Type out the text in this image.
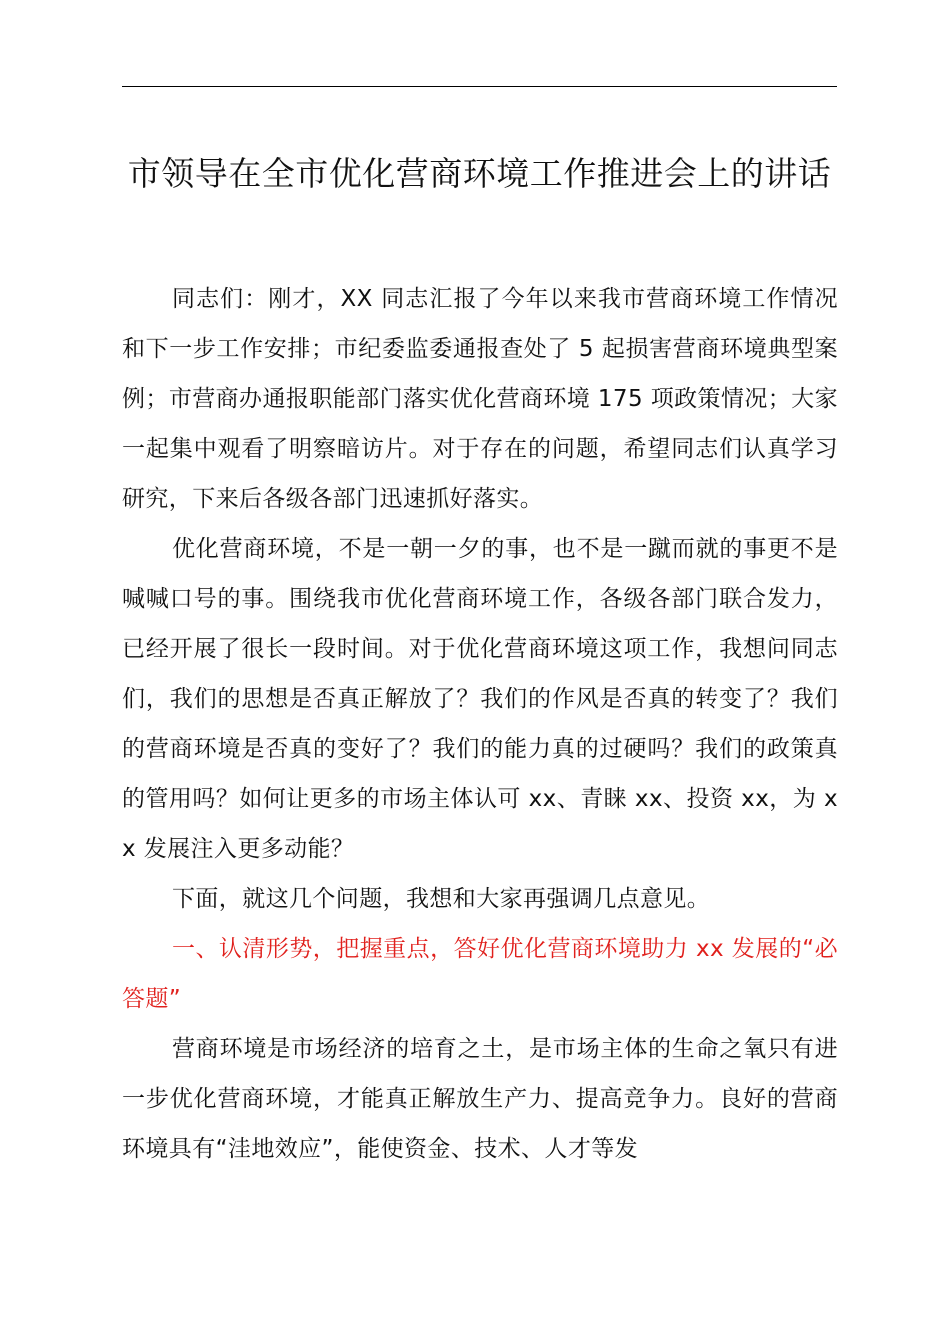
市领导在全市优化营商环境工作推进会上的讲话

同志们：刚才，XX 同志汇报了今年以来我市营商环境工作情况和下一步工作安排；市纪委监委通报查处了 5 起损害营商环境典型案例；市营商办通报职能部门落实优化营商环境 175 项政策情况；大家一起集中观看了明察暗访片。对于存在的问题，希望同志们认真学习研究，下来后各级各部门迅速抓好落实。

优化营商环境，不是一朝一夕的事，也不是一蹴而就的事更不是喊喊口号的事。围绕我市优化营商环境工作，各级各部门联合发力，已经开展了很长一段时间。对于优化营商环境这项工作，我想问同志们，我们的思想是否真正解放了？我们的作风是否真的转变了？我们的营商环境是否真的变好了？我们的能力真的过硬吗？我们的政策真的管用吗？如何让更多的市场主体认可 xx、青睐 xx、投资 xx，为 xx 发展注入更多动能？

下面，就这几个问题，我想和大家再强调几点意见。

一、认清形势，把握重点，答好优化营商环境助力 xx 发展的“必答题”

营商环境是市场经济的培育之土，是市场主体的生命之氧只有进一步优化营商环境，才能真正解放生产力、提高竞争力。良好的营商环境具有“洼地效应”，能使资金、技术、人才等发
